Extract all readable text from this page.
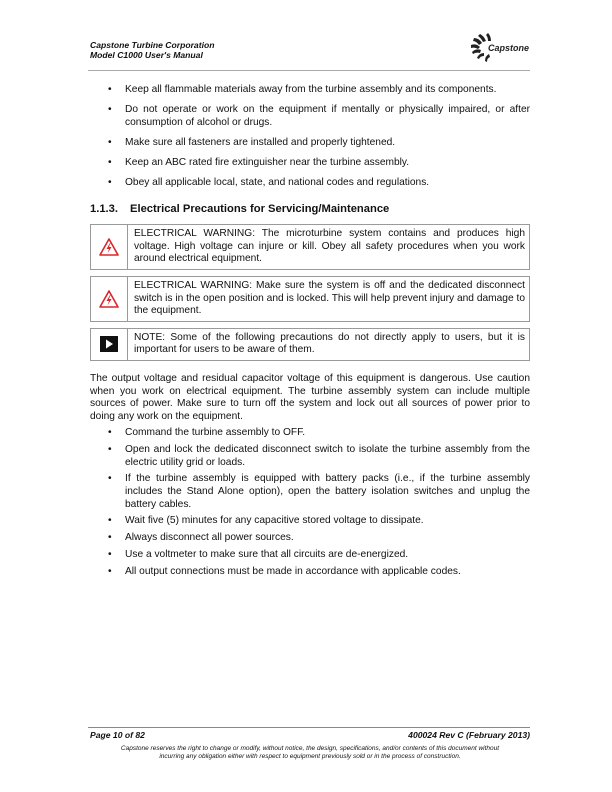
Capstone Turbine Corporation
Model C1000 User's Manual
Capstone
• Keep all flammable materials away from the turbine assembly and its components.
• Do not operate or work on the equipment if mentally or physically impaired, or after consumption of alcohol or drugs.
• Make sure all fasteners are installed and properly tightened.
• Keep an ABC rated fire extinguisher near the turbine assembly.
• Obey all applicable local, state, and national codes and regulations.
1.1.3. Electrical Precautions for Servicing/Maintenance
ELECTRICAL WARNING: The microturbine system contains and produces high voltage. High voltage can injure or kill. Obey all safety procedures when you work around electrical equipment.
ELECTRICAL WARNING: Make sure the system is off and the dedicated disconnect switch is in the open position and is locked. This will help prevent injury and damage to the equipment.
NOTE: Some of the following precautions do not directly apply to users, but it is important for users to be aware of them.

The output voltage and residual capacitor voltage of this equipment is dangerous. Use caution when you work on electrical equipment. The turbine assembly system can include multiple sources of power. Make sure to turn off the system and lock out all sources of power prior to doing any work on the equipment.

• Command the turbine assembly to OFF.
• Open and lock the dedicated disconnect switch to isolate the turbine assembly from the electric utility grid or loads.
• If the turbine assembly is equipped with battery packs (i.e., if the turbine assembly includes the Stand Alone option), open the battery isolation switches and unplug the battery cables.
• Wait five (5) minutes for any capacitive stored voltage to dissipate.
• Always disconnect all power sources.
• Use a voltmeter to make sure that all circuits are de-energized.
• All output connections must be made in accordance with applicable codes.
Page 10 of 82	400024 Rev C (February 2013)
Capstone reserves the right to change or modify, without notice, the design, specifications, and/or contents of this document without
incurring any obligation either with respect to equipment previously sold or in the process of construction.
